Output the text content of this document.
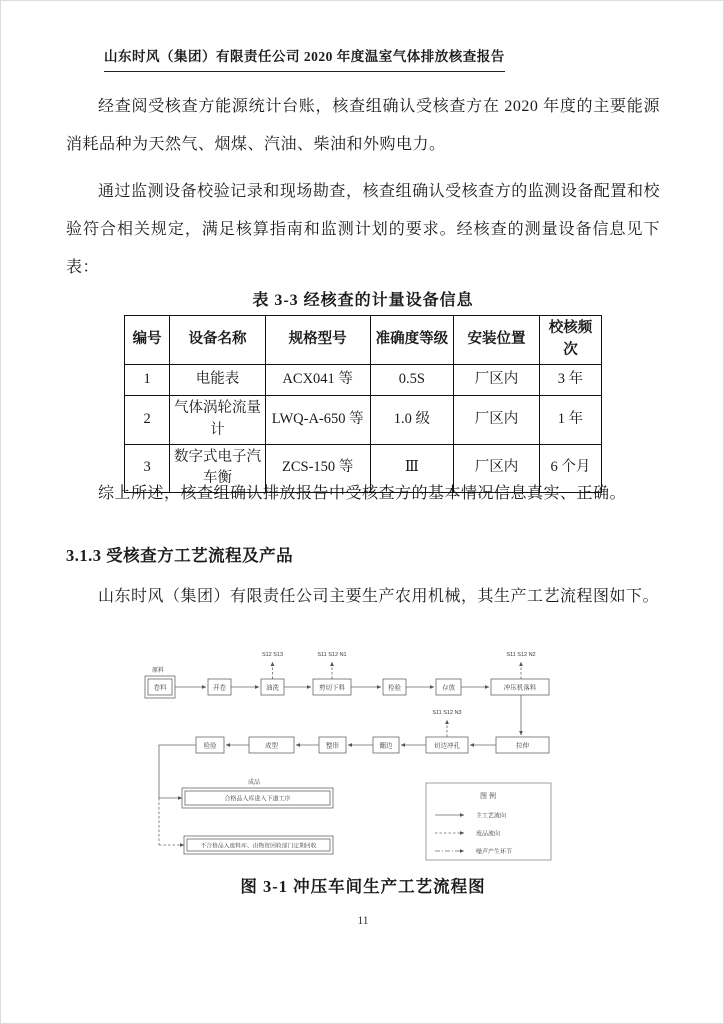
山东时风（集团）有限责任公司 2020 年度温室气体排放核查报告
经查阅受核查方能源统计台账，核查组确认受核查方在 2020 年度的主要能源消耗品种为天然气、烟煤、汽油、柴油和外购电力。
通过监测设备校验记录和现场勘查，核查组确认受核查方的监测设备配置和校验符合相关规定，满足核算指南和监测计划的要求。经核查的测量设备信息见下表：
表 3-3 经核查的计量设备信息
编号	设备名称	规格型号	准确度等级	安装位置	校核频次
1	电能表	ACX041 等	0.5S	厂区内	3 年
2	气体涡轮流量计	LWQ-A-650 等	1.0 级	厂区内	1 年
3	数字式电子汽车衡	ZCS-150 等	Ⅲ	厂区内	6 个月
综上所述，核查组确认排放报告中受核查方的基本情况信息真实、正确。
3.1.3 受核查方工艺流程及产品
山东时风（集团）有限责任公司主要生产农用机械，其生产工艺流程图如下。
原料
卷料	开卷	油洗	剪切下料	检验	存放	冲压机落料
S12 S13	S11 S12 N1	S11 S12 N2
检验	成型	整形	翻边	切边冲孔	拉伸
S11 S12 N3
成品
合格品入库进入下道工序
不合格品入废料库、由物资回收部门定期回收
图 例
主工艺流向
废品流向
噪声产生环节
图 3-1 冲压车间生产工艺流程图
11
